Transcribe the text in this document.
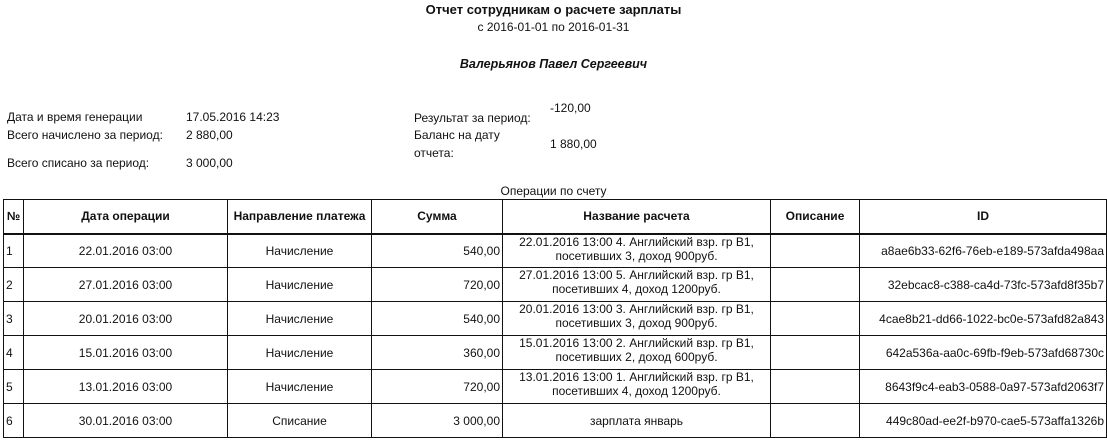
Отчет сотрудникам о расчете зарплаты
с 2016-01-01 по 2016-01-31
Валерьянов Павел Сергеевич
Дата и время генерации	17.05.2016 14:23
Всего начислено за период: 2 880,00
Всего списано за период:	3 000,00
Результат за период:
-120,00
Баланс на дату
отчета:
1 880,00
Операции по счету
№	Дата операции	Направление платежа	Сумма	Название расчета	Описание	ID
1	22.01.2016 03:00	Начисление	540,00	22.01.2016 13:00 4. Английский взр. гр В1,
посетивших 3, доход 900руб.		a8ae6b33-62f6-76eb-e189-573afda498aa
2	27.01.2016 03:00	Начисление	720,00	27.01.2016 13:00 5. Английский взр. гр В1,
посетивших 4, доход 1200руб.		32ebcac8-c388-ca4d-73fc-573afd8f35b7
3	20.01.2016 03:00	Начисление	540,00	20.01.2016 13:00 3. Английский взр. гр В1,
посетивших 3, доход 900руб.		4cae8b21-dd66-1022-bc0e-573afd82a843
4	15.01.2016 03:00	Начисление	360,00	15.01.2016 13:00 2. Английский взр. гр В1,
посетивших 2, доход 600руб.		642a536a-aa0c-69fb-f9eb-573afd68730c
5	13.01.2016 03:00	Начисление	720,00	13.01.2016 13:00 1. Английский взр. гр В1,
посетивших 4, доход 1200руб.		8643f9c4-eab3-0588-0a97-573afd2063f7
6	30.01.2016 03:00	Списание	3 000,00	зарплата январь		449c80ad-ee2f-b970-cae5-573affa1326b
